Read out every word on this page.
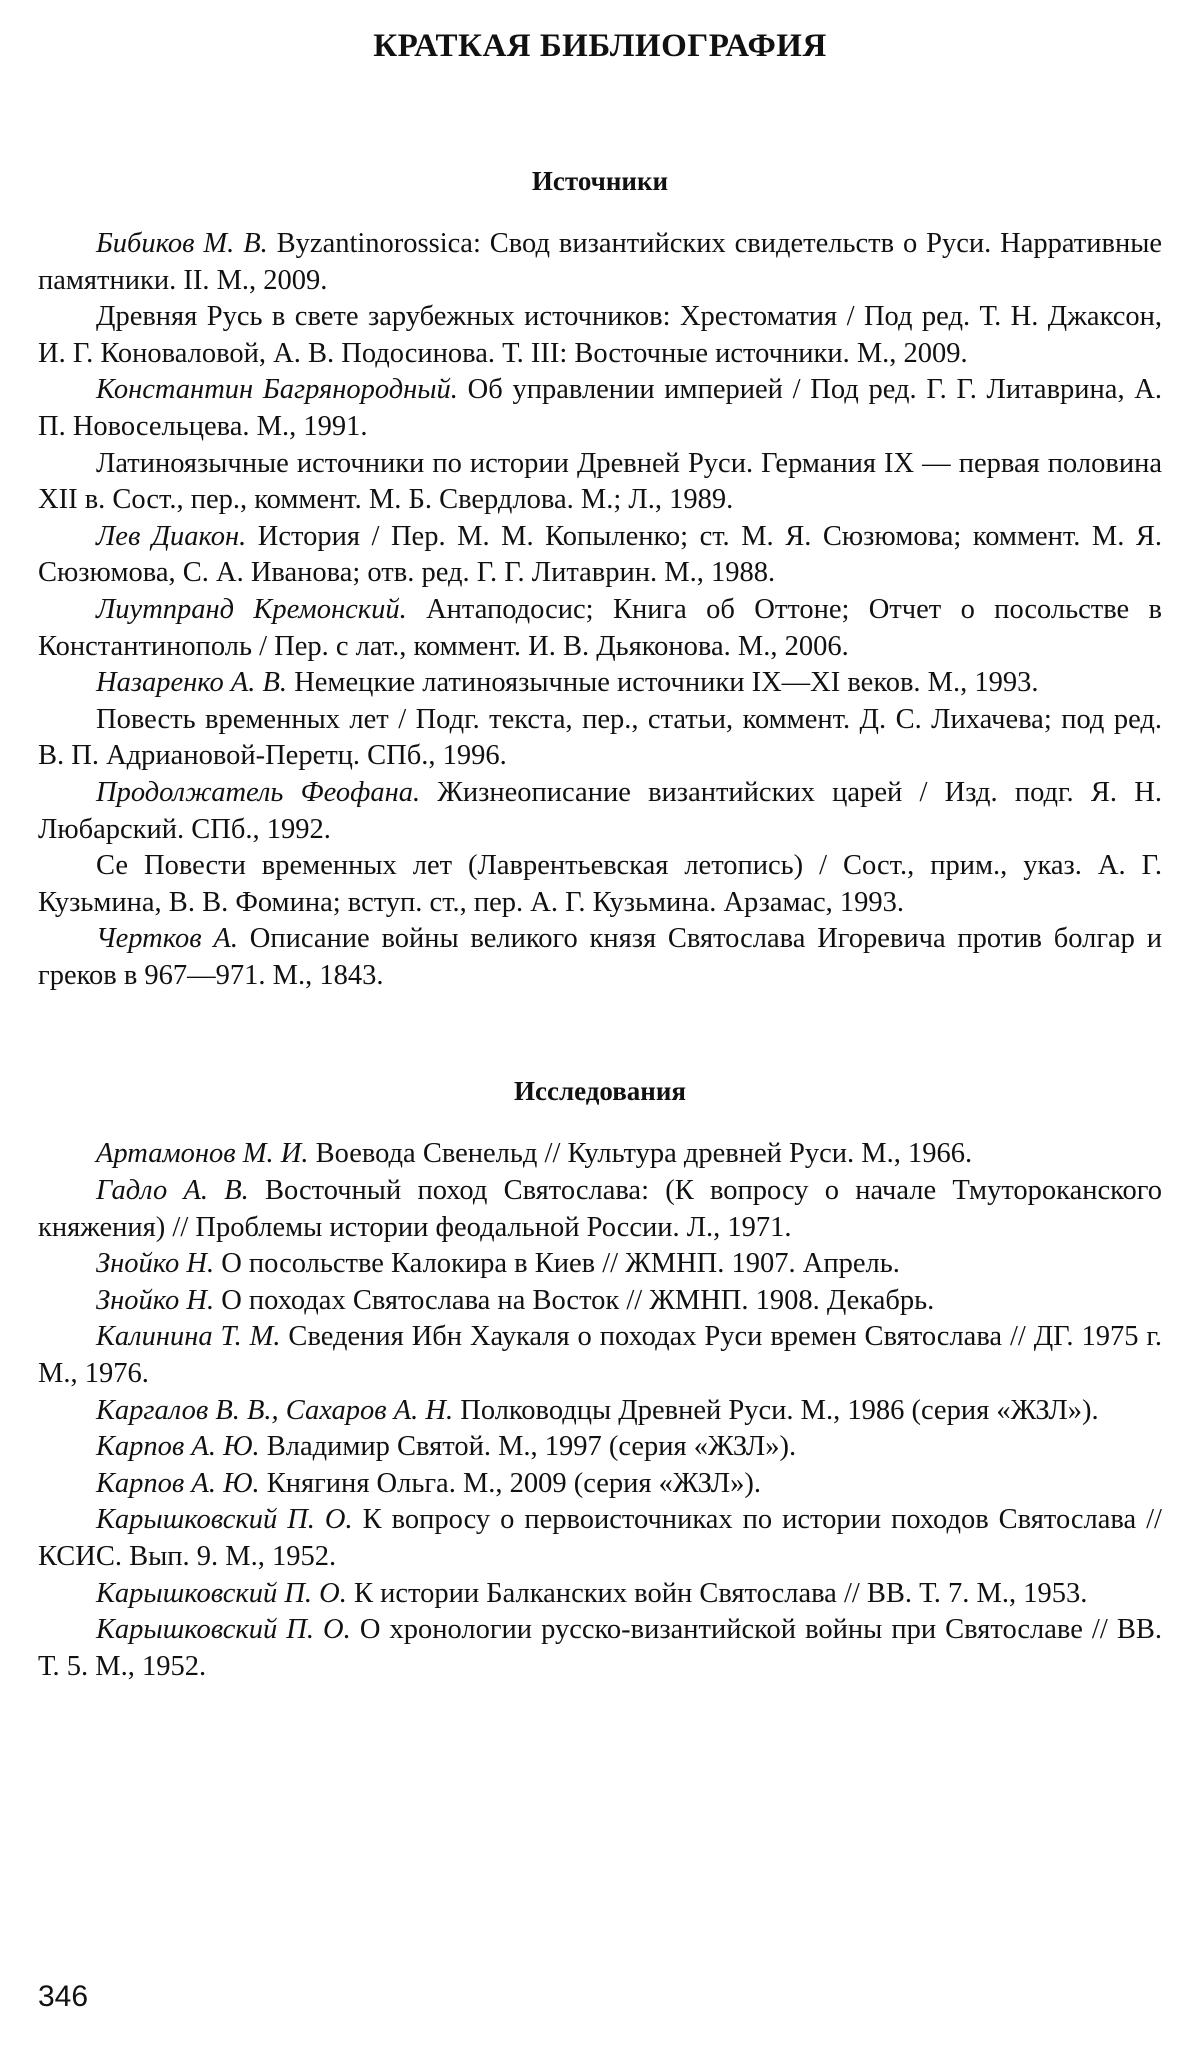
КРАТКАЯ БИБЛИОГРАФИЯ
Источники

Бибиков М. В. Byzantinorossica: Свод византийских свидетельств о Руси. Нарративные памятники. II. М., 2009.

Древняя Русь в свете зарубежных источников: Хрестоматия / Под ред. Т. Н. Джаксон, И. Г. Коноваловой, А. В. Подосинова. Т. III: Восточные источники. М., 2009.

Константин Багрянородный. Об управлении империей / Под ред. Г. Г. Литаврина, А. П. Новосельцева. М., 1991.

Латиноязычные источники по истории Древней Руси. Германия IX — первая половина XII в. Сост., пер., коммент. М. Б. Свердлова. М.; Л., 1989.

Лев Диакон. История / Пер. М. М. Копыленко; ст. М. Я. Сюзюмова; коммент. М. Я. Сюзюмова, С. А. Иванова; отв. ред. Г. Г. Литаврин. М., 1988.

Лиутпранд Кремонский. Антаподосис; Книга об Оттоне; Отчет о посольстве в Константинополь / Пер. с лат., коммент. И. В. Дьяконова. М., 2006.

Назаренко А. В. Немецкие латиноязычные источники IX—XI веков. М., 1993.

Повесть временных лет / Подг. текста, пер., статьи, коммент. Д. С. Лихачева; под ред. В. П. Адриановой-Перетц. СПб., 1996.

Продолжатель Феофана. Жизнеописание византийских царей / Изд. подг. Я. Н. Любарский. СПб., 1992.

Се Повести временных лет (Лаврентьевская летопись) / Сост., прим., указ. А. Г. Кузьмина, В. В. Фомина; вступ. ст., пер. А. Г. Кузьмина. Арзамас, 1993.

Чертков А. Описание войны великого князя Святослава Игоревича против болгар и греков в 967—971. М., 1843.

Исследования

Артамонов М. И. Воевода Свенельд // Культура древней Руси. М., 1966.

Гадло А. В. Восточный поход Святослава: (К вопросу о начале Тмутороканского княжения) // Проблемы истории феодальной России. Л., 1971.

Знойко Н. О посольстве Калокира в Киев // ЖМНП. 1907. Апрель.

Знойко Н. О походах Святослава на Восток // ЖМНП. 1908. Декабрь.

Калинина Т. М. Сведения Ибн Хаукаля о походах Руси времен Святослава // ДГ. 1975 г. М., 1976.

Каргалов В. В., Сахаров А. Н. Полководцы Древней Руси. М., 1986 (серия «ЖЗЛ»).

Карпов А. Ю. Владимир Святой. М., 1997 (серия «ЖЗЛ»).

Карпов А. Ю. Княгиня Ольга. М., 2009 (серия «ЖЗЛ»).

Карышковский П. О. К вопросу о первоисточниках по истории походов Святослава // КСИС. Вып. 9. М., 1952.

Карышковский П. О. К истории Балканских войн Святослава // ВВ. Т. 7. М., 1953.

Карышковский П. О. О хронологии русско-византийской войны при Святославе // ВВ. Т. 5. М., 1952.

346
